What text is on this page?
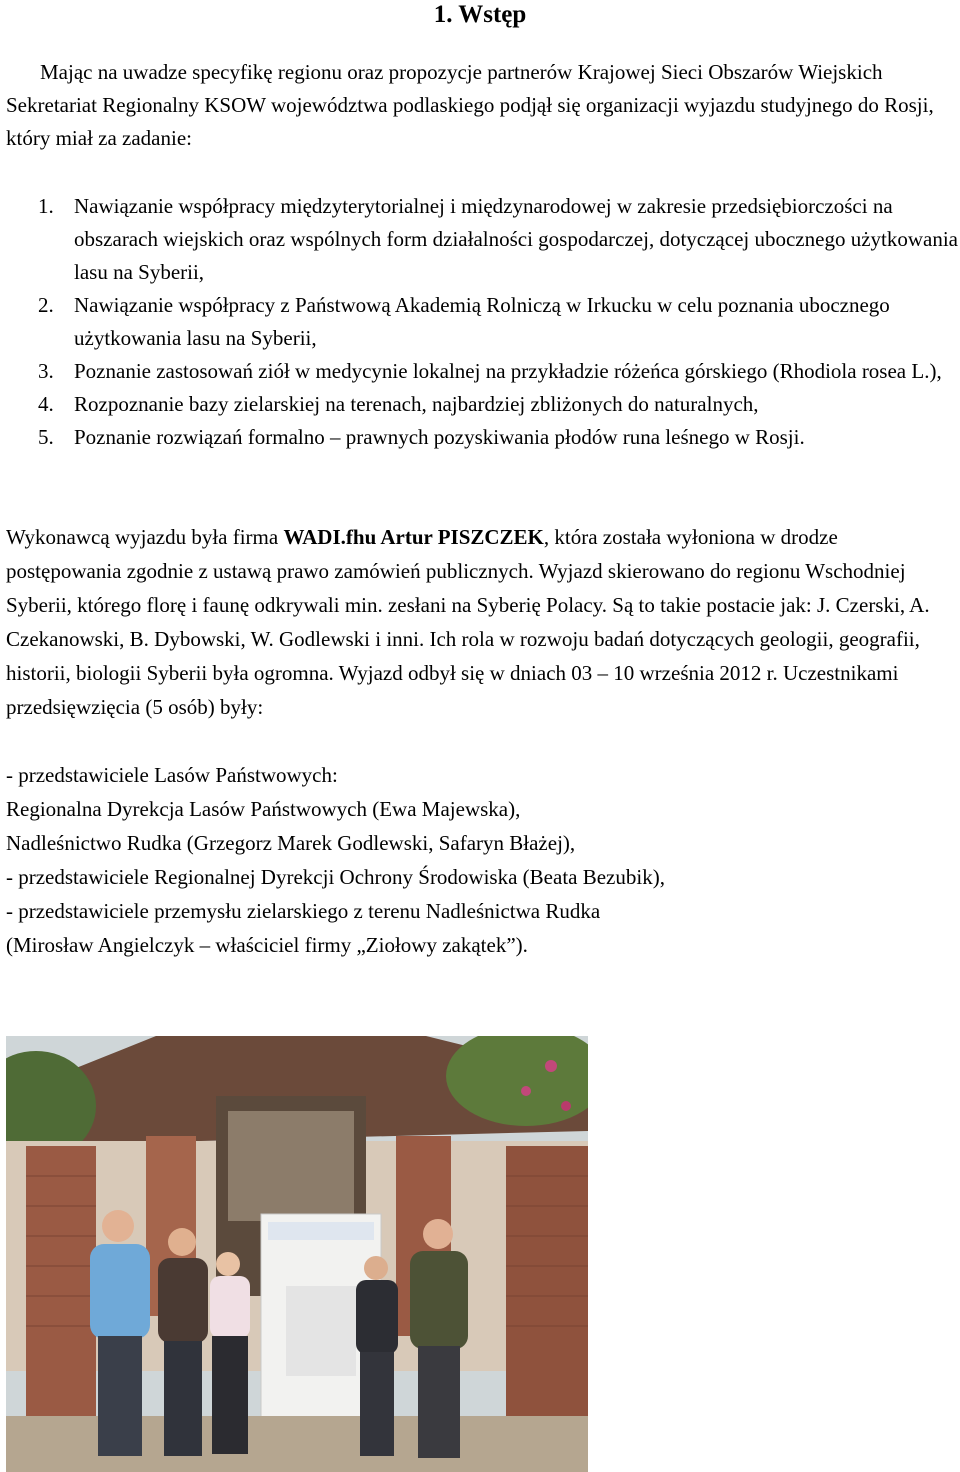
1. Wstęp

Mając na uwadze specyfikę regionu oraz propozycje partnerów Krajowej Sieci Obszarów Wiejskich Sekretariat Regionalny KSOW województwa podlaskiego podjął się organizacji wyjazdu studyjnego do Rosji, który miał za zadanie:

1. Nawiązanie współpracy międzyterytorialnej i międzynarodowej w zakresie przedsiębiorczości na obszarach wiejskich oraz wspólnych form działalności gospodarczej, dotyczącej ubocznego użytkowania lasu na Syberii,
2. Nawiązanie współpracy z Państwową Akademią Rolniczą w Irkucku w celu poznania ubocznego użytkowania lasu na Syberii,
3. Poznanie zastosowań ziół w medycynie lokalnej na przykładzie różeńca górskiego (Rhodiola rosea L.),
4. Rozpoznanie bazy zielarskiej na terenach, najbardziej zbliżonych do naturalnych,
5. Poznanie rozwiązań formalno – prawnych pozyskiwania płodów runa leśnego w Rosji.

Wykonawcą wyjazdu była firma WADI.fhu Artur PISZCZEK, która została wyłoniona w drodze postępowania zgodnie z ustawą prawo zamówień publicznych. Wyjazd skierowano do regionu Wschodniej Syberii, którego florę i faunę odkrywali min. zesłani na Syberię Polacy. Są to takie postacie jak: J. Czerski, A. Czekanowski, B. Dybowski, W. Godlewski i inni. Ich rola w rozwoju badań dotyczących geologii, geografii, historii, biologii Syberii była ogromna. Wyjazd odbył się w dniach 03 – 10 września 2012 r. Uczestnikami przedsięwzięcia (5 osób) były:

- przedstawiciele Lasów Państwowych:
Regionalna Dyrekcja Lasów Państwowych (Ewa Majewska),
Nadleśnictwo Rudka (Grzegorz Marek Godlewski, Safaryn Błażej),
- przedstawiciele Regionalnej Dyrekcji Ochrony Środowiska (Beata Bezubik),
- przedstawiciele przemysłu zielarskiego z terenu Nadleśnictwa Rudka
(Mirosław Angielczyk – właściciel firmy „Ziołowy zakątek”).
